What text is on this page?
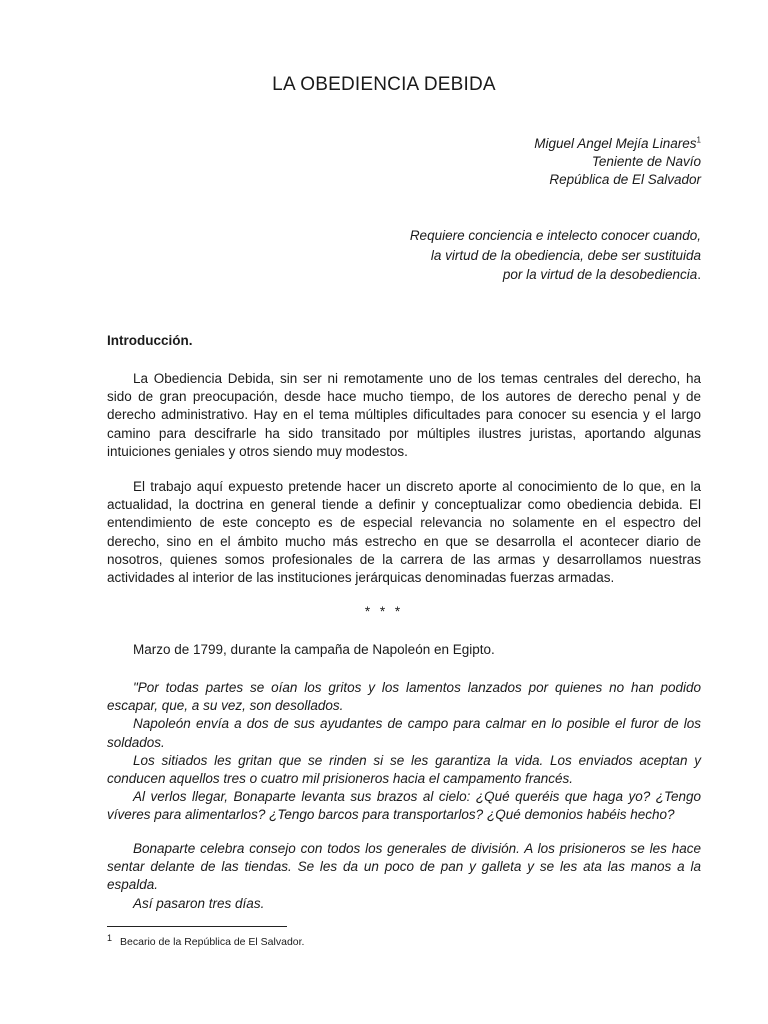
LA OBEDIENCIA DEBIDA
Miguel Angel Mejía Linares$^1$
Teniente de Navío
República de El Salvador
Requiere conciencia e intelecto conocer cuando,
la virtud de la obediencia, debe ser sustituida
por la virtud de la desobediencia.
Introducción.

La Obediencia Debida, sin ser ni remotamente uno de los temas centrales del derecho, ha sido de gran preocupación, desde hace mucho tiempo, de los autores de derecho penal y de derecho administrativo. Hay en el tema múltiples dificultades para conocer su esencia y el largo camino para descifrarle ha sido transitado por múltiples ilustres juristas, aportando algunas intuiciones geniales y otros siendo muy modestos.

El trabajo aquí expuesto pretende hacer un discreto aporte al conocimiento de lo que, en la actualidad, la doctrina en general tiende a definir y conceptualizar como obediencia debida. El entendimiento de este concepto es de especial relevancia no solamente en el espectro del derecho, sino en el ámbito mucho más estrecho en que se desarrolla el acontecer diario de nosotros, quienes somos profesionales de la carrera de las armas y desarrollamos nuestras actividades al interior de las instituciones jerárquicas denominadas fuerzas armadas.

* * *

Marzo de 1799, durante la campaña de Napoleón en Egipto.

"Por todas partes se oían los gritos y los lamentos lanzados por quienes no han podido escapar, que, a su vez, son desollados.

Napoleón envía a dos de sus ayudantes de campo para calmar en lo posible el furor de los soldados.

Los sitiados les gritan que se rinden si se les garantiza la vida. Los enviados aceptan y conducen aquellos tres o cuatro mil prisioneros hacia el campamento francés.

Al verlos llegar, Bonaparte levanta sus brazos al cielo: ¿Qué queréis que haga yo? ¿Tengo víveres para alimentarlos? ¿Tengo barcos para transportarlos? ¿Qué demonios habéis hecho?

Bonaparte celebra consejo con todos los generales de división. A los prisioneros se les hace sentar delante de las tiendas. Se les da un poco de pan y galleta y se les ata las manos a la espalda.

Así pasaron tres días.

1 Becario de la República de El Salvador.
